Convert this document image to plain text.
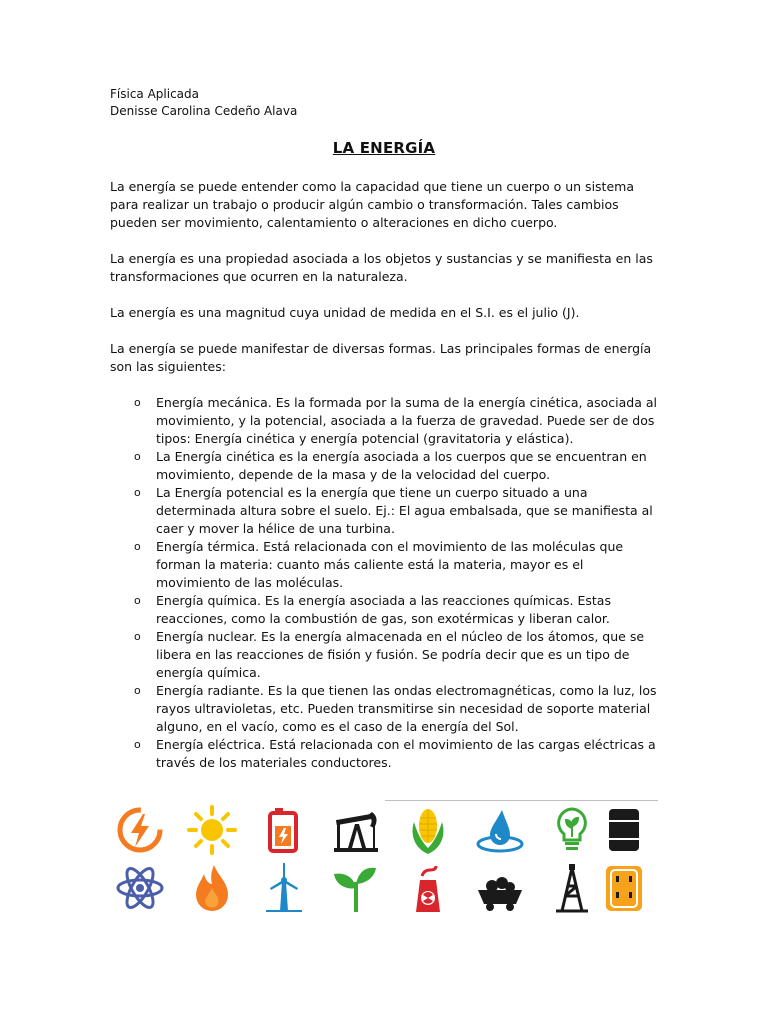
Física Aplicada
Denisse Carolina Cedeño Alava
LA ENERGÍA

La energía se puede entender como la capacidad que tiene un cuerpo o un sistema para realizar un trabajo o producir algún cambio o transformación. Tales cambios pueden ser movimiento, calentamiento o alteraciones en dicho cuerpo.

La energía es una propiedad asociada a los objetos y sustancias y se manifiesta en las transformaciones que ocurren en la naturaleza.

La energía es una magnitud cuya unidad de medida en el S.I. es el julio (J).

La energía se puede manifestar de diversas formas. Las principales formas de energía son las siguientes:

o Energía mecánica. Es la formada por la suma de la energía cinética, asociada al movimiento, y la potencial, asociada a la fuerza de gravedad. Puede ser de dos tipos: Energía cinética y energía potencial (gravitatoria y elástica).
o La Energía cinética es la energía asociada a los cuerpos que se encuentran en movimiento, depende de la masa y de la velocidad del cuerpo.
o La Energía potencial es la energía que tiene un cuerpo situado a una determinada altura sobre el suelo. Ej.: El agua embalsada, que se manifiesta al caer y mover la hélice de una turbina.
o Energía térmica. Está relacionada con el movimiento de las moléculas que forman la materia: cuanto más caliente está la materia, mayor es el movimiento de las moléculas.
o Energía química. Es la energía asociada a las reacciones químicas. Estas reacciones, como la combustión de gas, son exotérmicas y liberan calor.
o Energía nuclear. Es la energía almacenada en el núcleo de los átomos, que se libera en las reacciones de fisión y fusión. Se podría decir que es un tipo de energía química.
o Energía radiante. Es la que tienen las ondas electromagnéticas, como la luz, los rayos ultravioletas, etc. Pueden transmitirse sin necesidad de soporte material alguno, en el vacío, como es el caso de la energía del Sol.
o Energía eléctrica. Está relacionada con el movimiento de las cargas eléctricas a través de los materiales conductores.
